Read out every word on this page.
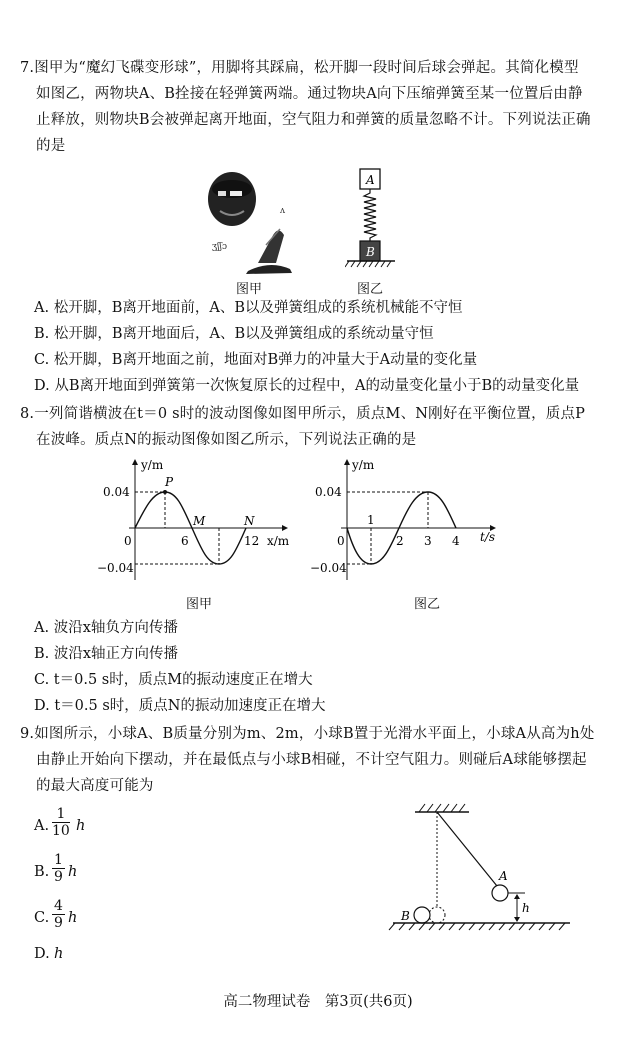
7.图甲为“魔幻飞碟变形球”，用脚将其踩扁，松开脚一段时间后球会弹起。其简化模型
如图乙，两物块A、B拴接在轻弹簧两端。通过物块A向下压缩弹簧至某一位置后由静
止释放，则物块B会被弹起离开地面，空气阻力和弹簧的质量忽略不计。下列说法正确
的是
ʒʃʃɔ
ʌ
图甲
A
B
图乙
A. 松开脚，B离开地面前，A、B以及弹簧组成的系统机械能不守恒
B. 松开脚，B离开地面后，A、B以及弹簧组成的系统动量守恒
C. 松开脚，B离开地面之前，地面对B弹力的冲量大于A动量的变化量
D. 从B离开地面到弹簧第一次恢复原长的过程中，A的动量变化量小于B的动量变化量
8.一列简谐横波在t＝0 s时的波动图像如图甲所示，质点M、N刚好在平衡位置，质点P
在波峰。质点N的振动图像如图乙所示，下列说法正确的是
y/m
x/m
0.04
−0.04
0	6	12
P
M	N
图甲
y/m
t/s
0.04
−0.04
0
1
2 3 4
图乙
A. 波沿x轴负方向传播
B. 波沿x轴正方向传播
C. t＝0.5 s时，质点M的振动速度正在增大
D. t＝0.5 s时，质点N的振动加速度正在增大
9.如图所示，小球A、B质量分别为m、2m，小球B置于光滑水平面上，小球A从高为h处
由静止开始向下摆动，并在最低点与小球B相碰，不计空气阻力。则碰后A球能够摆起
的最大高度可能为
A. $\frac{1}{10}$ h
B. $\frac{1}{9}$ h
C. $\frac{4}{9}$ h
D. h
A
B
h
高二物理试卷　第3页(共6页)
